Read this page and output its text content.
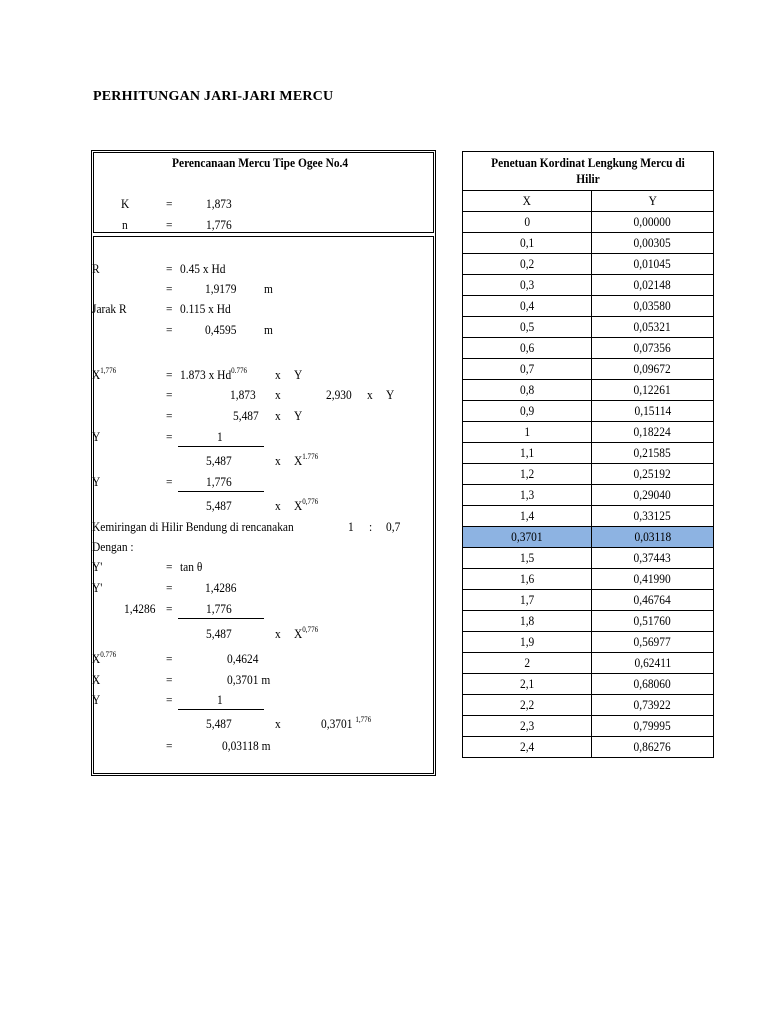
PERHITUNGAN JARI-JARI MERCU
Perencanaan Mercu Tipe Ogee No.4
K	=	1,873
n	=	1,776
R	= 0.45 x Hd
=	1,9179 m
Jarak R	= 0.115 x Hd
=	0,4595 m
X$^{1,776}$	= 1.873 x $Hd^{0.776}$ x Y
=	1,873 x	2,930 x Y
=	5,487 x Y
Y	=	1
5,487	x $X^{1.776}$
Y	=	1,776
5,487	x X$^{0,776}$
Kemiringan di Hilir Bendung di rencanakan	1 : 0,7
Dengan :
Y'	= tan θ
Y'	=	1,4286
1,4286 =	1,776
5,487	x X$^{0,776}$
$X^{0.776}$	=	0,4624
X	=	0,3701 m
Y	=	1
5,487	x	0,3701 $^{1,776}$
=	0,03118 m
Penetuan Kordinat Lengkung Mercu di Hilir	
X	Y
0	0,00000
0,1	0,00305
0,2	0,01045
0,3	0,02148
0,4	0,03580
0,5	0,05321
0,6	0,07356
0,7	0,09672
0,8	0,12261
0,9	0,15114
1	0,18224
1,1	0,21585
1,2	0,25192
1,3	0,29040
1,4	0,33125
0,3701	0,03118
1,5	0,37443
1,6	0,41990
1,7	0,46764
1,8	0,51760
1,9	0,56977
2	0,62411
2,1	0,68060
2,2	0,73922
2,3	0,79995
2,4	0,86276
